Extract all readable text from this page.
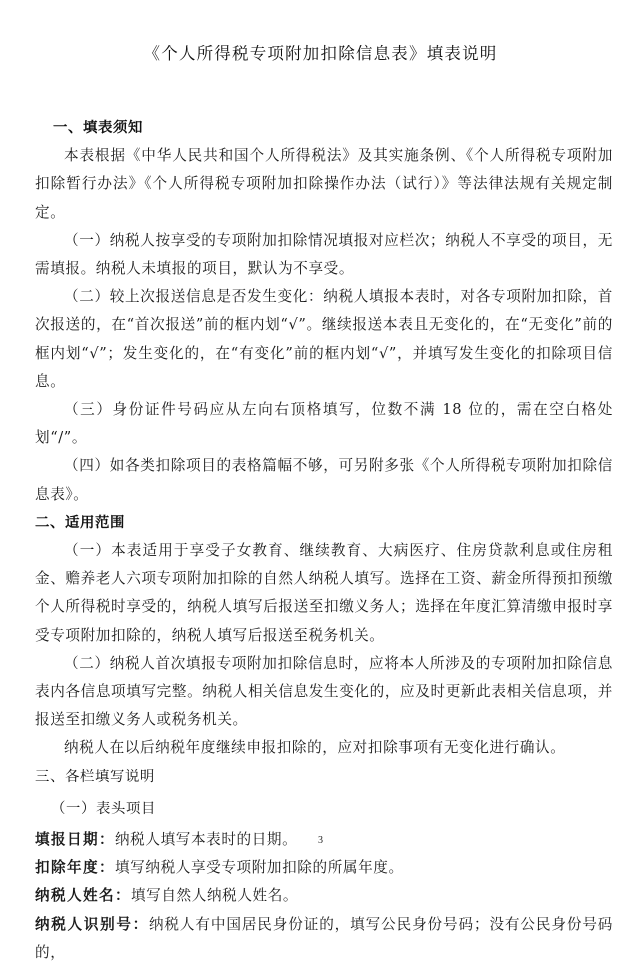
《个人所得税专项附加扣除信息表》填表说明

一、填表须知

本表根据《中华人民共和国个人所得税法》及其实施条例、《个人所得税专项附加扣除暂行办法》《个人所得税专项附加扣除操作办法（试行）》等法律法规有关规定制定。

（一）纳税人按享受的专项附加扣除情况填报对应栏次；纳税人不享受的项目，无需填报。纳税人未填报的项目，默认为不享受。

（二）较上次报送信息是否发生变化：纳税人填报本表时，对各专项附加扣除，首次报送的，在“首次报送”前的框内划“√”。继续报送本表且无变化的，在“无变化”前的框内划“√”；发生变化的，在“有变化”前的框内划“√”，并填写发生变化的扣除项目信息。

（三）身份证件号码应从左向右顶格填写，位数不满 18 位的，需在空白格处划“/”。

（四）如各类扣除项目的表格篇幅不够，可另附多张《个人所得税专项附加扣除信息表》。

二、适用范围

（一）本表适用于享受子女教育、继续教育、大病医疗、住房贷款利息或住房租金、赡养老人六项专项附加扣除的自然人纳税人填写。选择在工资、薪金所得预扣预缴个人所得税时享受的，纳税人填写后报送至扣缴义务人；选择在年度汇算清缴申报时享受专项附加扣除的，纳税人填写后报送至税务机关。

（二）纳税人首次填报专项附加扣除信息时，应将本人所涉及的专项附加扣除信息表内各信息项填写完整。纳税人相关信息发生变化的，应及时更新此表相关信息项，并报送至扣缴义务人或税务机关。

纳税人在以后纳税年度继续申报扣除的，应对扣除事项有无变化进行确认。

三、各栏填写说明

（一）表头项目

填报日期：纳税人填写本表时的日期。

扣除年度：填写纳税人享受专项附加扣除的所属年度。

纳税人姓名：填写自然人纳税人姓名。

纳税人识别号：纳税人有中国居民身份证的，填写公民身份号码；没有公民身份号码的，

3
